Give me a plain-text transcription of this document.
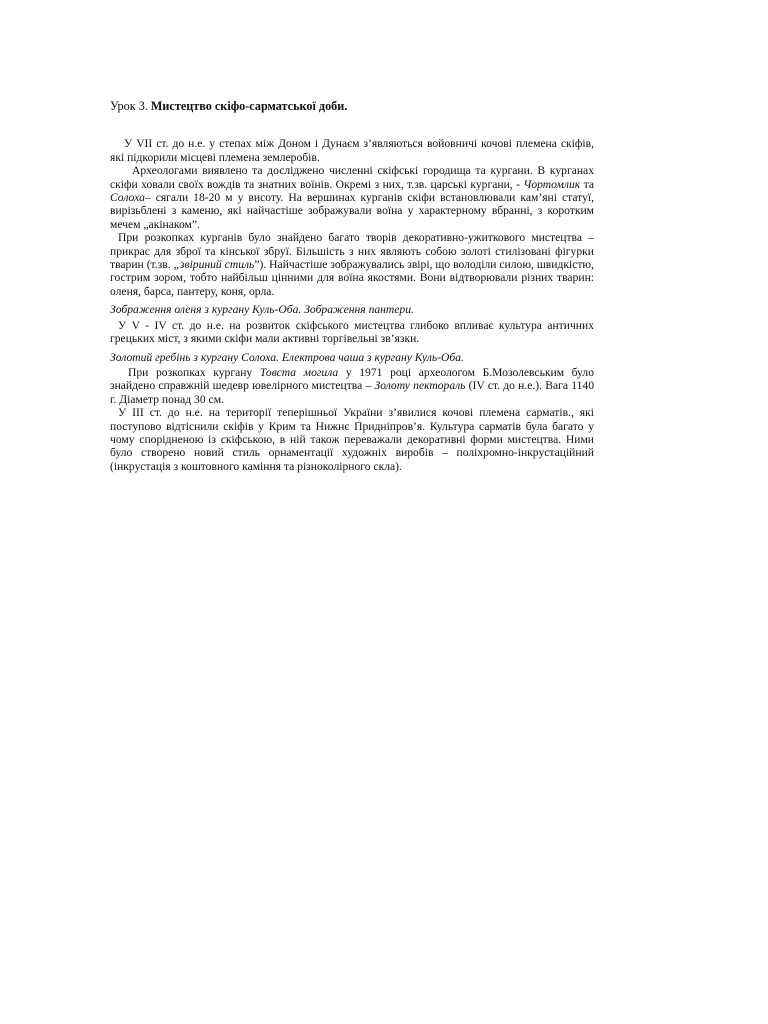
Урок 3. Мистецтво скіфо-сарматської доби.

У VII ст. до н.е. у степах між Доном і Дунаєм з’являються войовничі кочові племена скіфів, які підкорили місцеві племена землеробів.

Археологами виявлено та досліджено численні скіфські городища та кургани. В курганах скіфи ховали своїх вождів та знатних воїнів. Окремі з них, т.зв. царські кургани, - Чортомлик та Солоха– сягали 18-20 м у висоту. На вершинах курганів скіфи встановлювали кам’яні статуї, вирізьблені з каменю, які найчастіше зображували воїна у характерному вбранні, з коротким мечем „акінаком”.

При розкопках курганів було знайдено багато творів декоративно-ужиткового мистецтва – прикрас для зброї та кінської збруї. Більшість з них являють собою золоті стилізовані фігурки тварин (т.зв. „звіриний стиль”). Найчастіше зображувались звірі, що володіли силою, швидкістю, гострим зором, тобто найбільш цінними для воїна якостями. Вони відтворювали різних тварин: оленя, барса, пантеру, коня, орла.

Зображення оленя з кургану Куль-Оба. Зображення пантери.

У V - IV ст. до н.е. на розвиток скіфського мистецтва глибоко впливає культура античних грецьких міст, з якими скіфи мали активні торгівельні зв’язки.

Золотий гребінь з кургану Солоха. Електрова чаша з кургану Куль-Оба.

При розкопках кургану Товста могила у 1971 році археологом Б.Мозолевським було знайдено справжній шедевр ювелірного мистецтва – Золоту пектораль (IV ст. до н.е.). Вага 1140 г. Діаметр понад 30 см.

У ІІІ ст. до н.е. на території теперішньої України з’явилися кочові племена сарматів., які поступово відтіснили скіфів у Крим та Нижнє Придніпров’я. Культура сарматів була багато у чому спорідненою із скіфською, в ній також переважали декоративні форми мистецтва. Ними було створено новий стиль орнаментації художніх виробів – поліхромно-інкрустаційний (інкрустація з коштовного каміння та різноколірного скла).
